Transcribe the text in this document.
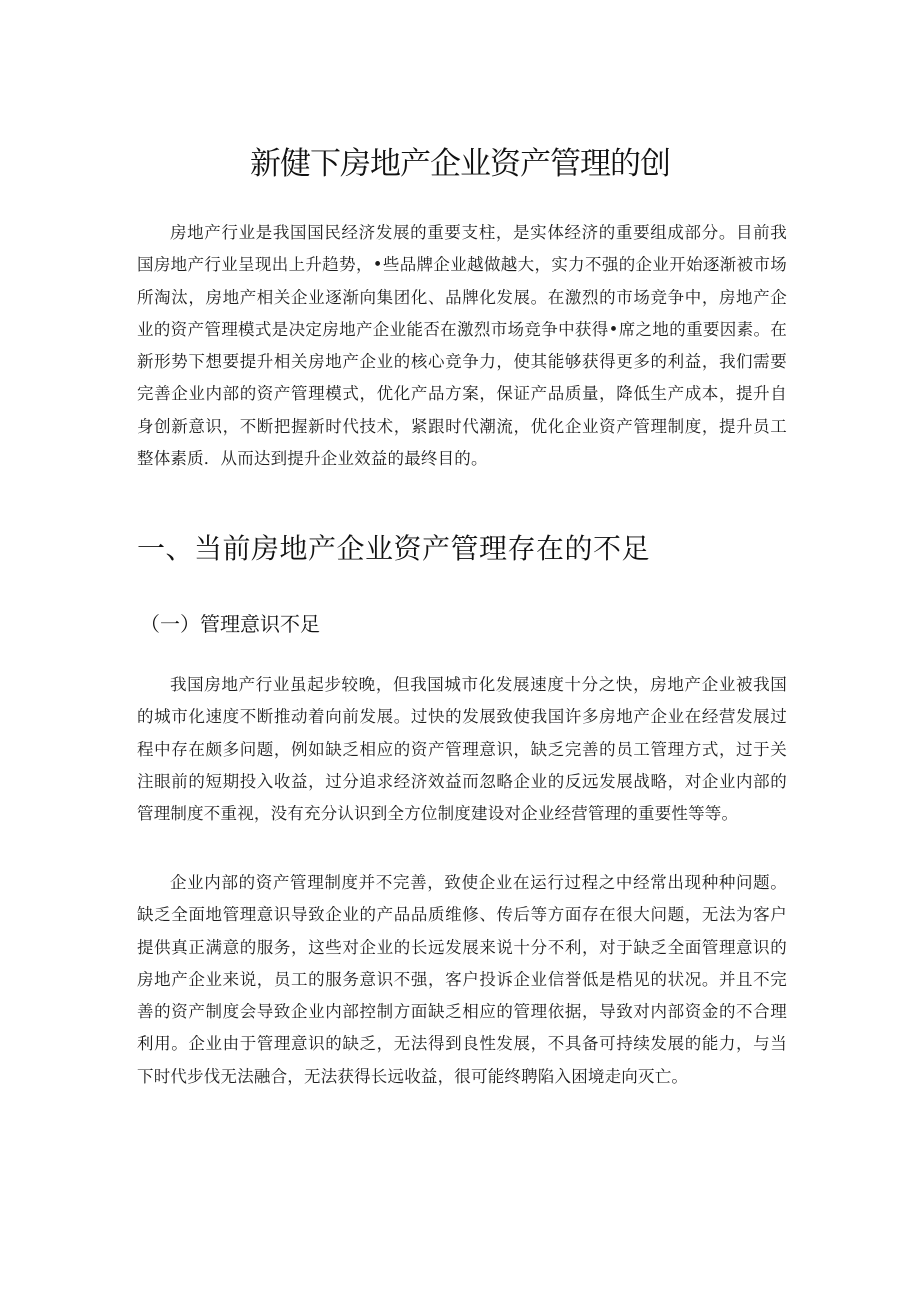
新健下房地产企业资产管理的创

房地产行业是我国国民经济发展的重要支柱，是实体经济的重要组成部分。目前我国房地产行业呈现出上升趋势，•些品牌企业越做越大，实力不强的企业开始逐渐被市场所淘汰，房地产相关企业逐渐向集团化、品牌化发展。在激烈的市场竞争中，房地产企业的资产管理模式是决定房地产企业能否在激烈市场竞争中获得•席之地的重要因素。在新形势下想要提升相关房地产企业的核心竞争力，使其能够获得更多的利益，我们需要完善企业内部的资产管理模式，优化产品方案，保证产品质量，降低生产成本，提升自身创新意识，不断把握新时代技术，紧跟时代潮流，优化企业资产管理制度，提升员工整体素质．从而达到提升企业效益的最终目的。

一、当前房地产企业资产管理存在的不足
（一）管理意识不足

我国房地产行业虽起步较晚，但我国城市化发展速度十分之快，房地产企业被我国的城市化速度不断推动着向前发展。过快的发展致使我国许多房地产企业在经营发展过程中存在颇多问题，例如缺乏相应的资产管理意识，缺乏完善的员工管理方式，过于关注眼前的短期投入收益，过分追求经济效益而忽略企业的反远发展战略，对企业内部的管理制度不重视，没有充分认识到全方位制度建设对企业经营管理的重要性等等。

企业内部的资产管理制度并不完善，致使企业在运行过程之中经常出现种种问题。缺乏全面地管理意识导致企业的产品品质维修、传后等方面存在很大问题，无法为客户提供真正满意的服务，这些对企业的长远发展来说十分不利，对于缺乏全面管理意识的房地产企业来说，员工的服务意识不强，客户投诉企业信誉低是梏见的状况。并且不完善的资产制度会导致企业内部控制方面缺乏相应的管理依据，导致对内部资金的不合理利用。企业由于管理意识的缺乏，无法得到良性发展，不具备可持续发展的能力，与当下时代步伐无法融合，无法获得长远收益，很可能终聘陷入困境走向灭亡。
